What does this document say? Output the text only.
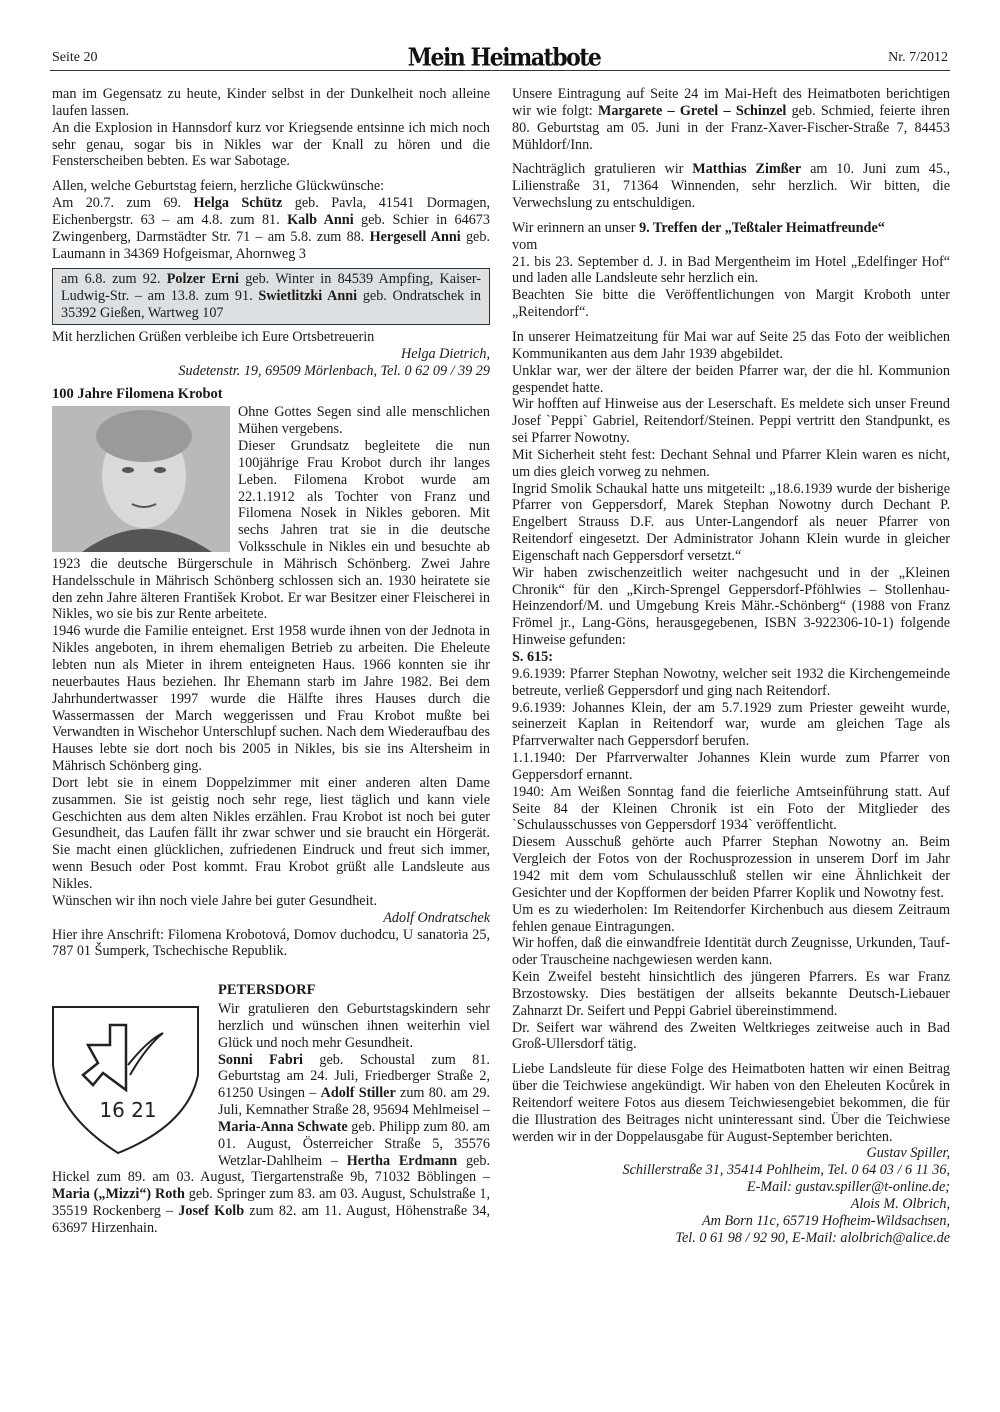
Seite 20	Mein Heimatbote	Nr. 7/2012

man im Gegensatz zu heute, Kinder selbst in der Dunkelheit noch alleine laufen lassen.

An die Explosion in Hannsdorf kurz vor Kriegsende entsinne ich mich noch sehr genau, sogar bis in Nikles war der Knall zu hören und die Fensterscheiben bebten. Es war Sabotage.

Allen, welche Geburtstag feiern, herzliche Glückwünsche:

Am 20.7. zum 69. Helga Schütz geb. Pavla, 41541 Dormagen, Eichenbergstr. 63 – am 4.8. zum 81. Kalb Anni geb. Schier in 64673 Zwingenberg, Darmstädter Str. 71 – am 5.8. zum 88. Hergesell Anni geb. Laumann in 34369 Hofgeismar, Ahornweg 3

am 6.8. zum 92. Polzer Erni geb. Winter in 84539 Ampfing, Kaiser-Ludwig-Str. – am 13.8. zum 91. Swietlitzki Anni geb. Ondratschek in 35392 Gießen, Wartweg 107

Mit herzlichen Grüßen verbleibe ich Eure Ortsbetreuerin

Helga Dietrich,

Sudetenstr. 19, 69509 Mörlenbach, Tel. 0 62 09 / 39 29

100 Jahre Filomena Krobot

Ohne Gottes Segen sind alle menschlichen Mühen vergebens.

Dieser Grundsatz begleitete die nun 100jährige Frau Krobot durch ihr langes Leben. Filomena Krobot wurde am 22.1.1912 als Tochter von Franz und Filomena Nosek in Nikles geboren. Mit sechs Jahren trat sie in die deutsche Volksschule in Nikles ein und besuchte ab 1923 die deutsche Bürgerschule in Mährisch Schönberg. Zwei Jahre Handelsschule in Mährisch Schönberg schlossen sich an. 1930 heiratete sie den zehn Jahre älteren František Krobot. Er war Besitzer einer Fleischerei in Nikles, wo sie bis zur Rente arbeitete.

1946 wurde die Familie enteignet. Erst 1958 wurde ihnen von der Jednota in Nikles angeboten, in ihrem ehemaligen Betrieb zu arbeiten. Die Eheleute lebten nun als Mieter in ihrem enteigneten Haus. 1966 konnten sie ihr neuerbautes Haus beziehen. Ihr Ehemann starb im Jahre 1982. Bei dem Jahrhundertwasser 1997 wurde die Hälfte ihres Hauses durch die Wassermassen der March weggerissen und Frau Krobot mußte bei Verwandten in Wischehor Unterschlupf suchen. Nach dem Wiederaufbau des Hauses lebte sie dort noch bis 2005 in Nikles, bis sie ins Altersheim in Mährisch Schönberg ging.

Dort lebt sie in einem Doppelzimmer mit einer anderen alten Dame zusammen. Sie ist geistig noch sehr rege, liest täglich und kann viele Geschichten aus dem alten Nikles erzählen. Frau Krobot ist noch bei guter Gesundheit, das Laufen fällt ihr zwar schwer und sie braucht ein Hörgerät. Sie macht einen glücklichen, zufriedenen Eindruck und freut sich immer, wenn Besuch oder Post kommt. Frau Krobot grüßt alle Landsleute aus Nikles.

Wünschen wir ihn noch viele Jahre bei guter Gesundheit.

Adolf Ondratschek

Hier ihre Anschrift: Filomena Krobotová, Domov duchodcu, U sanatoria 25, 787 01 Šumperk, Tschechische Republik.

PETERSDORF
16 21

Wir gratulieren den Geburtstagskindern sehr herzlich und wünschen ihnen weiterhin viel Glück und noch mehr Gesundheit.

Sonni Fabri geb. Schoustal zum 81. Geburtstag am 24. Juli, Friedberger Straße 2, 61250 Usingen – Adolf Stiller zum 80. am 29. Juli, Kemnather Straße 28, 95694 Mehlmeisel – Maria-Anna Schwate geb. Philipp zum 80. am 01. August, Österreicher Straße 5, 35576 Wetzlar-Dahlheim – Hertha Erdmann geb. Hickel zum 89. am 03. August, Tiergartenstraße 9b, 71032 Böblingen – Maria („Mizzi“) Roth geb. Springer zum 83. am 03. August, Schulstraße 1, 35519 Rockenberg – Josef Kolb zum 82. am 11. August, Höhenstraße 34, 63697 Hirzenhain.

Unsere Eintragung auf Seite 24 im Mai-Heft des Heimatboten berichtigen wir wie folgt: Margarete – Gretel – Schinzel geb. Schmied, feierte ihren 80. Geburtstag am 05. Juni in der Franz-Xaver-Fischer-Straße 7, 84453 Mühldorf/Inn.

Nachträglich gratulieren wir Matthias Zimßer am 10. Juni zum 45., Lilienstraße 31, 71364 Winnenden, sehr herzlich. Wir bitten, die Verwechslung zu entschuldigen.

Wir erinnern an unser 9. Treffen der „Teßtaler Heimatfreunde“

vom

21. bis 23. September d. J. in Bad Mergentheim im Hotel „Edelfinger Hof“ und laden alle Landsleute sehr herzlich ein.

Beachten Sie bitte die Veröffentlichungen von Margit Kroboth unter „Reitendorf“.

In unserer Heimatzeitung für Mai war auf Seite 25 das Foto der weiblichen Kommunikanten aus dem Jahr 1939 abgebildet.

Unklar war, wer der ältere der beiden Pfarrer war, der die hl. Kommunion gespendet hatte.

Wir hofften auf Hinweise aus der Leserschaft. Es meldete sich unser Freund Josef `Peppi` Gabriel, Reitendorf/Steinen. Peppi vertritt den Standpunkt, es sei Pfarrer Nowotny.

Mit Sicherheit steht fest: Dechant Sehnal und Pfarrer Klein waren es nicht, um dies gleich vorweg zu nehmen.

Ingrid Smolik Schaukal hatte uns mitgeteilt: „18.6.1939 wurde der bisherige Pfarrer von Geppersdorf, Marek Stephan Nowotny durch Dechant P. Engelbert Strauss D.F. aus Unter-Langendorf als neuer Pfarrer von Reitendorf eingesetzt. Der Administrator Johann Klein wurde in gleicher Eigenschaft nach Geppersdorf versetzt.“

Wir haben zwischenzeitlich weiter nachgesucht und in der „Kleinen Chronik“ für den „Kirch-Sprengel Geppersdorf-Pföhlwies – Stollenhau-Heinzendorf/M. und Umgebung Kreis Mähr.-Schönberg“ (1988 von Franz Frömel jr., Lang-Göns, herausgegebenen, ISBN 3-922306-10-1) folgende Hinweise gefunden:

S. 615:

9.6.1939: Pfarrer Stephan Nowotny, welcher seit 1932 die Kirchengemeinde betreute, verließ Geppersdorf und ging nach Reitendorf.

9.6.1939: Johannes Klein, der am 5.7.1929 zum Priester geweiht wurde, seinerzeit Kaplan in Reitendorf war, wurde am gleichen Tage als Pfarrverwalter nach Geppersdorf berufen.

1.1.1940: Der Pfarrverwalter Johannes Klein wurde zum Pfarrer von Geppersdorf ernannt.

1940: Am Weißen Sonntag fand die feierliche Amtseinführung statt. Auf Seite 84 der Kleinen Chronik ist ein Foto der Mitglieder des `Schulausschusses von Geppersdorf 1934` veröffentlicht.

Diesem Ausschuß gehörte auch Pfarrer Stephan Nowotny an. Beim Vergleich der Fotos von der Rochusprozession in unserem Dorf im Jahr 1942 mit dem vom Schulausschluß stellen wir eine Ähnlichkeit der Gesichter und der Kopfformen der beiden Pfarrer Koplik und Nowotny fest.

Um es zu wiederholen: Im Reitendorfer Kirchenbuch aus diesem Zeitraum fehlen genaue Eintragungen.

Wir hoffen, daß die einwandfreie Identität durch Zeugnisse, Urkunden, Tauf- oder Trauscheine nachgewiesen werden kann.

Kein Zweifel besteht hinsichtlich des jüngeren Pfarrers. Es war Franz Brzostowsky. Dies bestätigen der allseits bekannte Deutsch-Liebauer Zahnarzt Dr. Seifert und Peppi Gabriel übereinstimmend.

Dr. Seifert war während des Zweiten Weltkrieges zeitweise auch in Bad Groß-Ullersdorf tätig.

Liebe Landsleute für diese Folge des Heimatboten hatten wir einen Beitrag über die Teichwiese angekündigt. Wir haben von den Eheleuten Kocůrek in Reitendorf weitere Fotos aus diesem Teichwiesengebiet bekommen, die für die Illustration des Beitrages nicht uninteressant sind. Über die Teichwiese werden wir in der Doppelausgabe für August-September berichten.

Gustav Spiller,

Schillerstraße 31, 35414 Pohlheim, Tel. 0 64 03 / 6 11 36,

E-Mail: gustav.spiller@t-online.de;

Alois M. Olbrich,

Am Born 11c, 65719 Hofheim-Wildsachsen,

Tel. 0 61 98 / 92 90, E-Mail: alolbrich@alice.de
